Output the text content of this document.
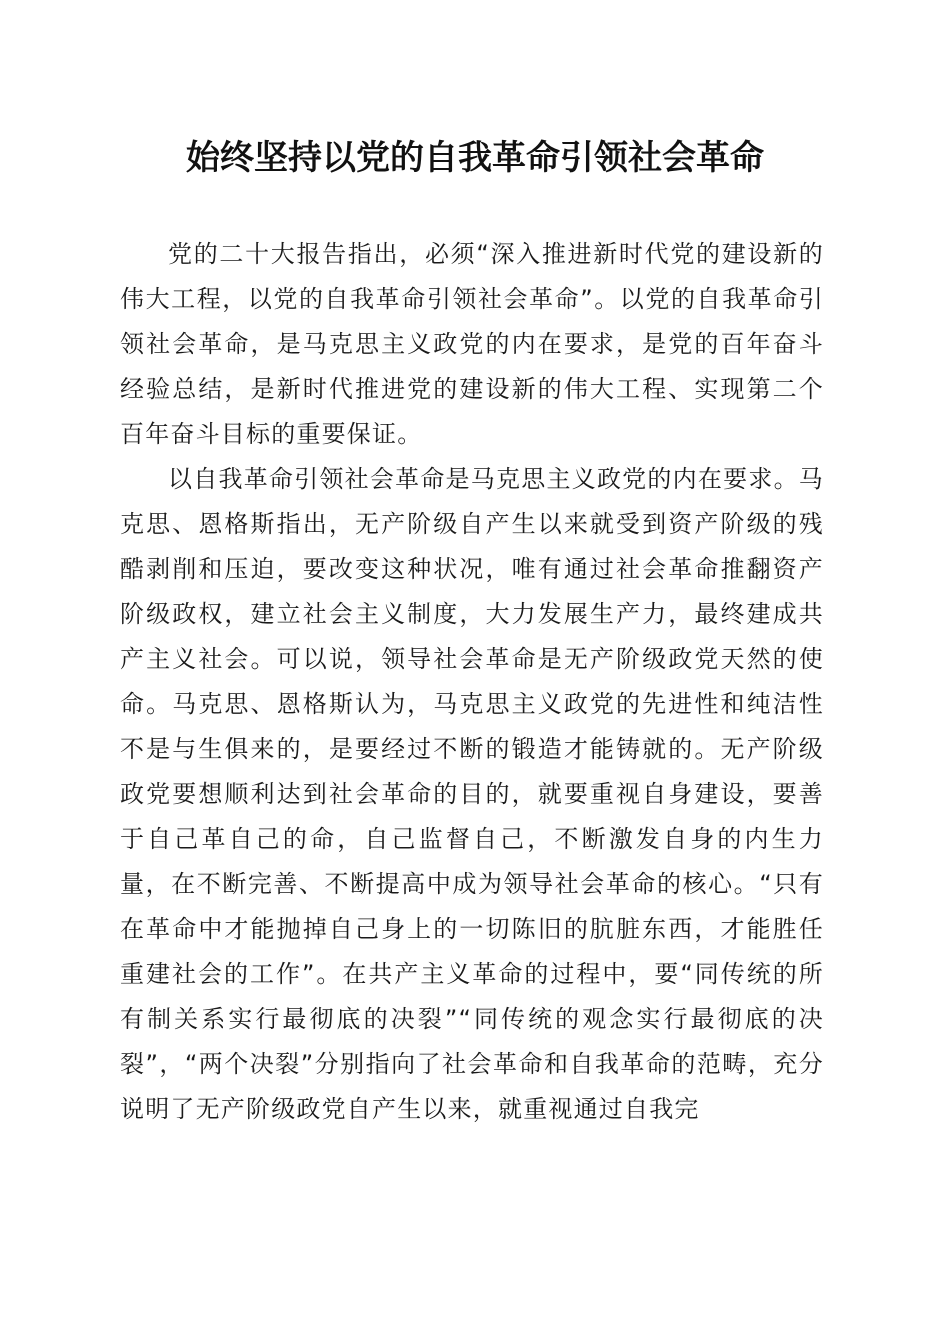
始终坚持以党的自我革命引领社会革命

党的二十大报告指出，必须“深入推进新时代党的建设新的伟大工程，以党的自我革命引领社会革命”。以党的自我革命引领社会革命，是马克思主义政党的内在要求，是党的百年奋斗经验总结，是新时代推进党的建设新的伟大工程、实现第二个百年奋斗目标的重要保证。

以自我革命引领社会革命是马克思主义政党的内在要求。马克思、恩格斯指出，无产阶级自产生以来就受到资产阶级的残酷剥削和压迫，要改变这种状况，唯有通过社会革命推翻资产阶级政权，建立社会主义制度，大力发展生产力，最终建成共产主义社会。可以说，领导社会革命是无产阶级政党天然的使命。马克思、恩格斯认为，马克思主义政党的先进性和纯洁性不是与生俱来的，是要经过不断的锻造才能铸就的。无产阶级政党要想顺利达到社会革命的目的，就要重视自身建设，要善于自己革自己的命，自己监督自己，不断激发自身的内生力量，在不断完善、不断提高中成为领导社会革命的核心。“只有在革命中才能抛掉自己身上的一切陈旧的肮脏东西，才能胜任重建社会的工作”。在共产主义革命的过程中，要“同传统的所有制关系实行最彻底的决裂”“同传统的观念实行最彻底的决裂”，“两个决裂”分别指向了社会革命和自我革命的范畴，充分说明了无产阶级政党自产生以来，就重视通过自我完
